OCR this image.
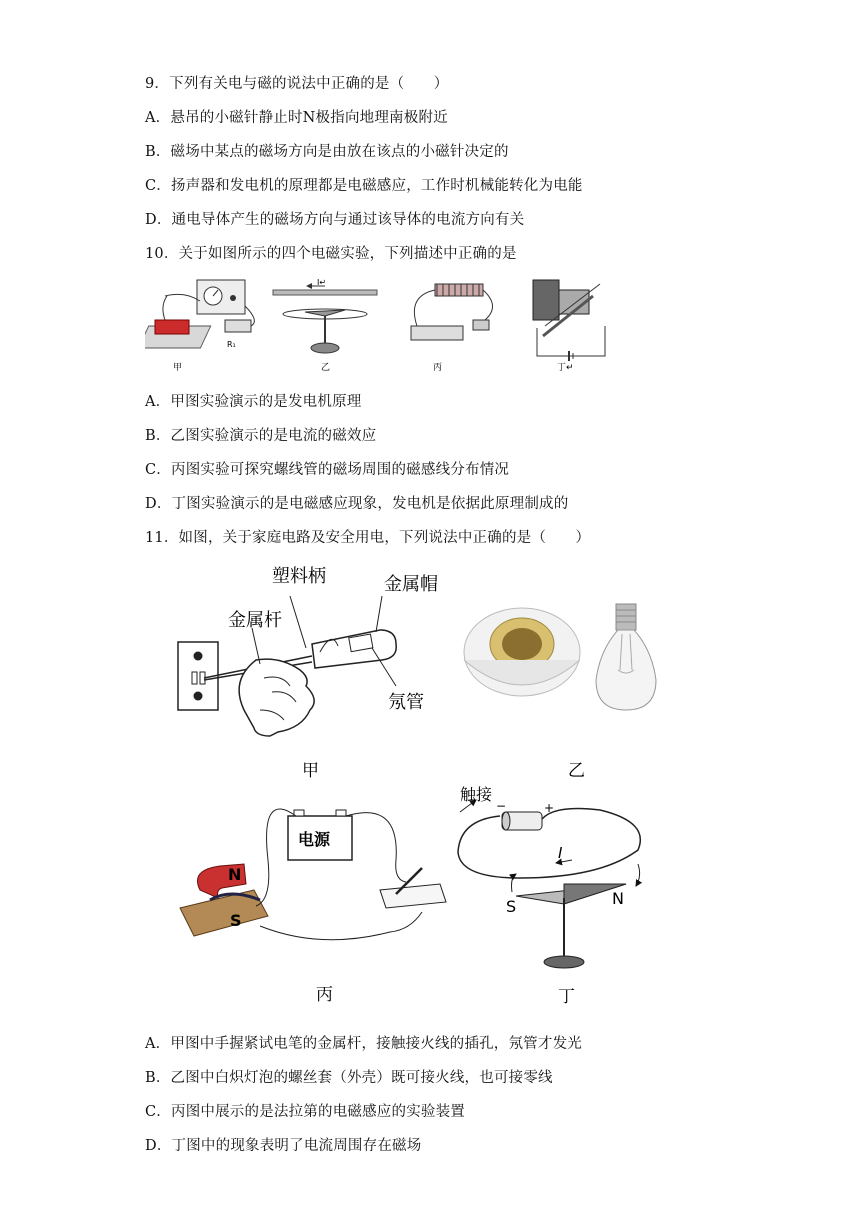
9．下列有关电与磁的说法中正确的是（　　）
A．悬吊的小磁针静止时N极指向地理南极附近
B．磁场中某点的磁场方向是由放在该点的小磁针决定的
C．扬声器和发电机的原理都是电磁感应，工作时机械能转化为电能
D．通电导体产生的磁场方向与通过该导体的电流方向有关
10．关于如图所示的四个电磁实验，下列描述中正确的是
R₁
甲
I↵
乙	丙	丁↵
A．甲图实验演示的是发电机原理
B．乙图实验演示的是电流的磁效应
C．丙图实验可探究螺线管的磁场周围的磁感线分布情况
D．丁图实验演示的是电磁感应现象，发电机是依据此原理制成的
11．如图，关于家庭电路及安全用电，下列说法中正确的是（　　）
塑料柄	金属帽
金属杆
氖管
甲	乙
电源
N
S
丙
触接
−	+
I
S	N
丁
A．甲图中手握紧试电笔的金属杆，接触接火线的插孔，氖管才发光
B．乙图中白炽灯泡的螺丝套（外壳）既可接火线，也可接零线
C．丙图中展示的是法拉第的电磁感应的实验装置
D．丁图中的现象表明了电流周围存在磁场
